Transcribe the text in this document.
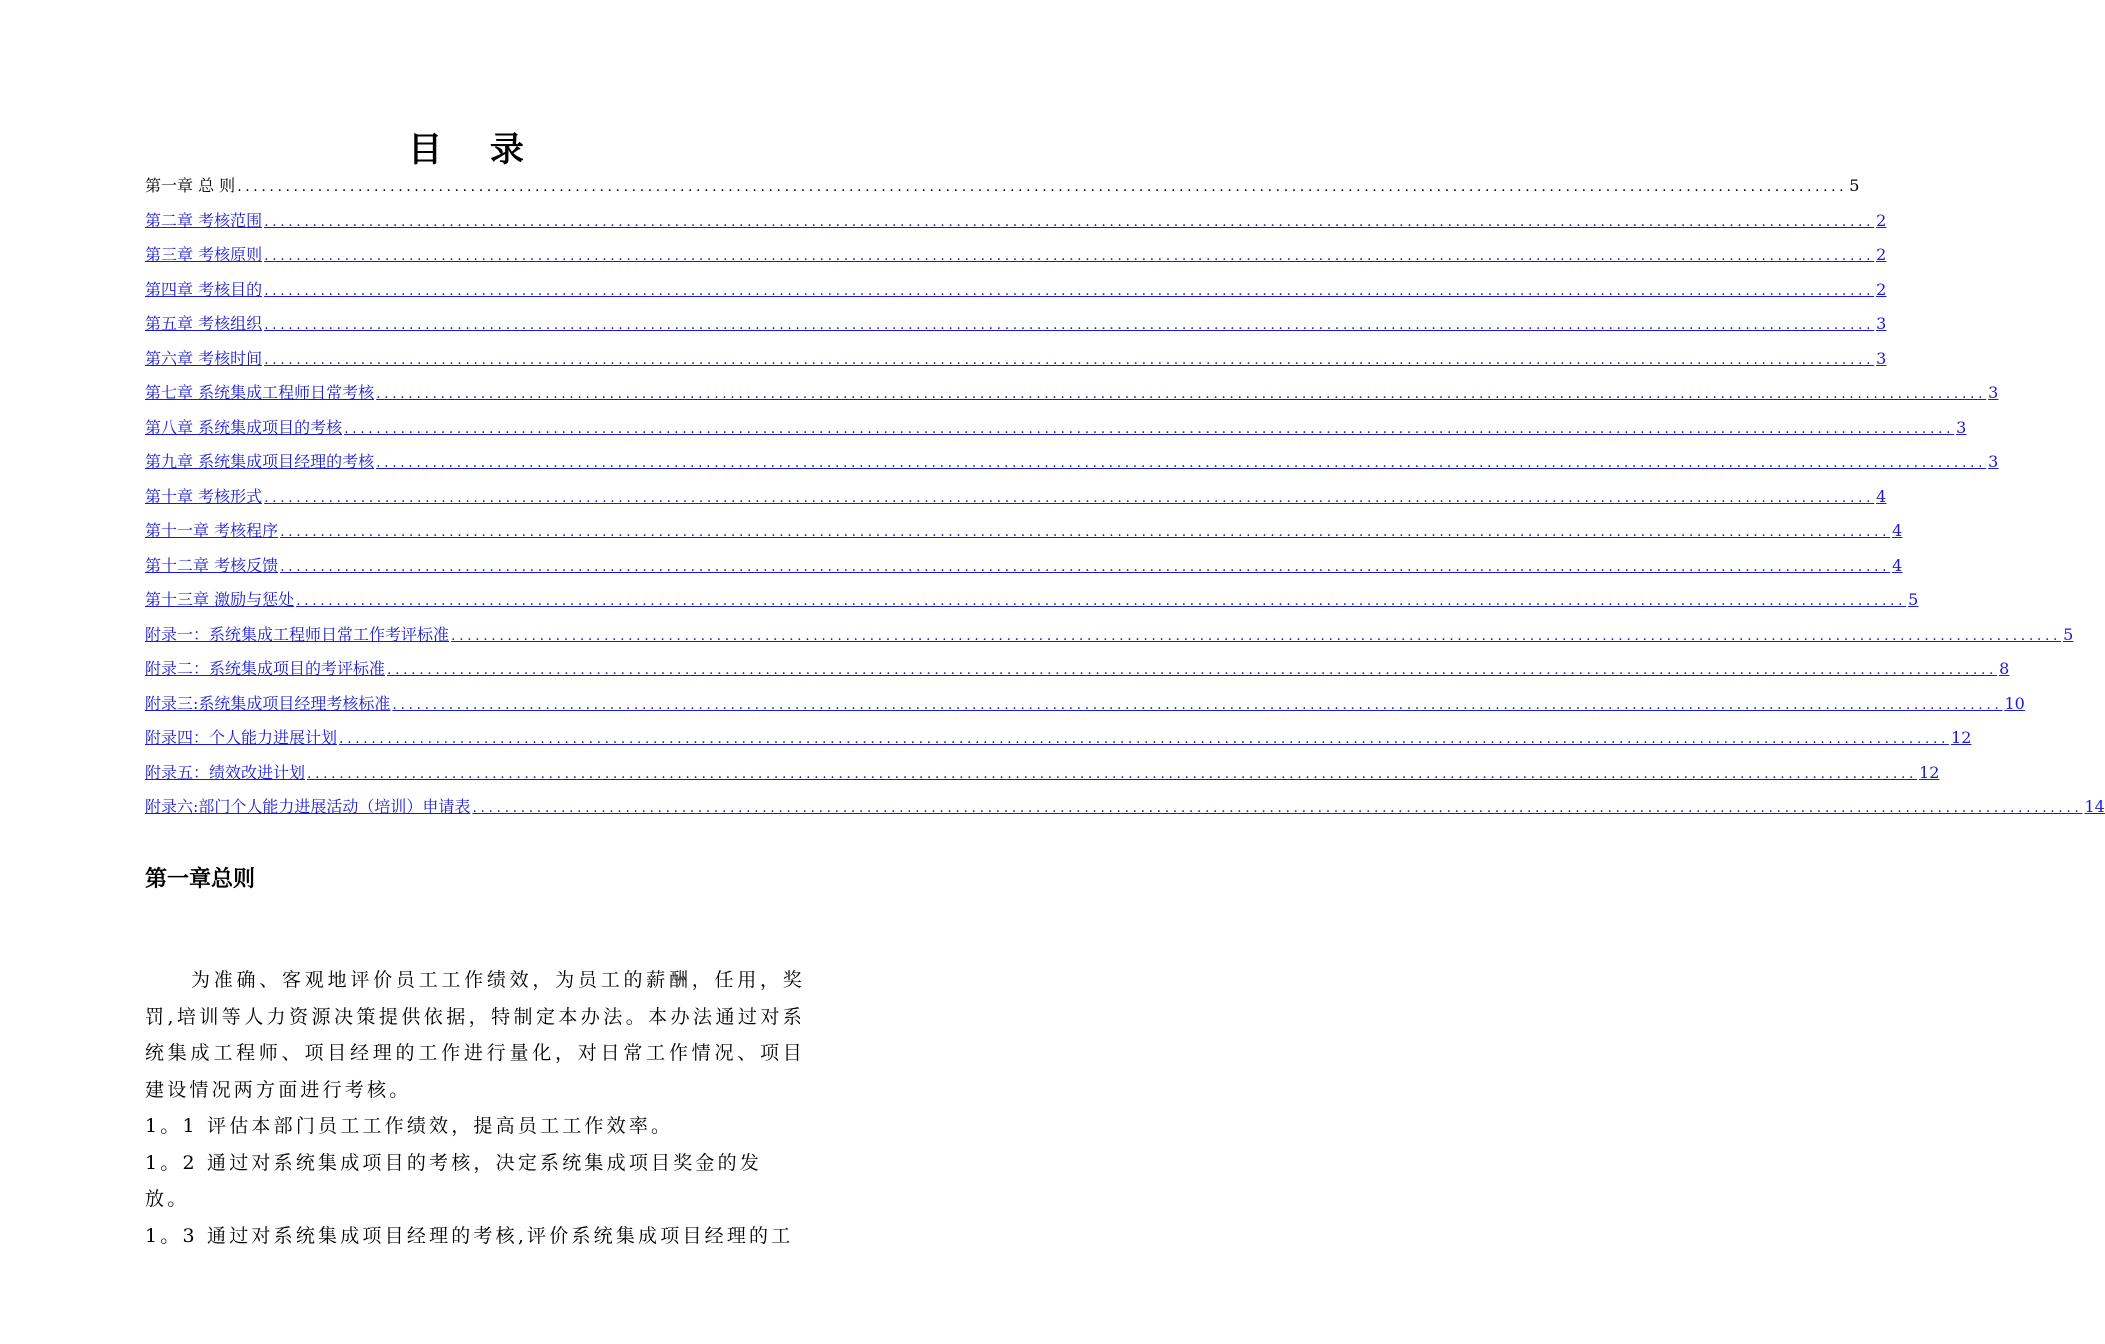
目 录
第一章 总 则 ........................................................................................................................................................................................................ 5
第二章 考核范围 ........................................................................................................................................................................................................ 2
第三章 考核原则 ........................................................................................................................................................................................................ 2
第四章 考核目的 ........................................................................................................................................................................................................ 2
第五章 考核组织 ........................................................................................................................................................................................................ 3
第六章 考核时间 ........................................................................................................................................................................................................ 3
第七章 系统集成工程师日常考核 ........................................................................................................................................................................................................ 3
第八章 系统集成项目的考核 ........................................................................................................................................................................................................ 3
第九章 系统集成项目经理的考核 ........................................................................................................................................................................................................ 3
第十章 考核形式 ........................................................................................................................................................................................................ 4
第十一章 考核程序 ........................................................................................................................................................................................................ 4
第十二章 考核反馈 ........................................................................................................................................................................................................ 4
第十三章 激励与惩处 ........................................................................................................................................................................................................ 5
附录一：系统集成工程师日常工作考评标准 ........................................................................................................................................................................................................ 5
附录二：系统集成项目的考评标准 ........................................................................................................................................................................................................ 8
附录三:系统集成项目经理考核标准 ........................................................................................................................................................................................................ 10
附录四：个人能力进展计划 ........................................................................................................................................................................................................ 12
附录五：绩效改进计划 ........................................................................................................................................................................................................ 12
附录六:部门个人能力进展活动（培训）申请表 ........................................................................................................................................................................................................ 14
第一章总则

为准确、客观地评价员工工作绩效，为员工的薪酬，任用，奖罚,培训等人力资源决策提供依据，特制定本办法。本办法通过对系统集成工程师、项目经理的工作进行量化，对日常工作情况、项目建设情况两方面进行考核。

1。1 评估本部门员工工作绩效，提高员工工作效率。

1。2 通过对系统集成项目的考核，决定系统集成项目奖金的发放。

1。3 通过对系统集成项目经理的考核,评价系统集成项目经理的工
